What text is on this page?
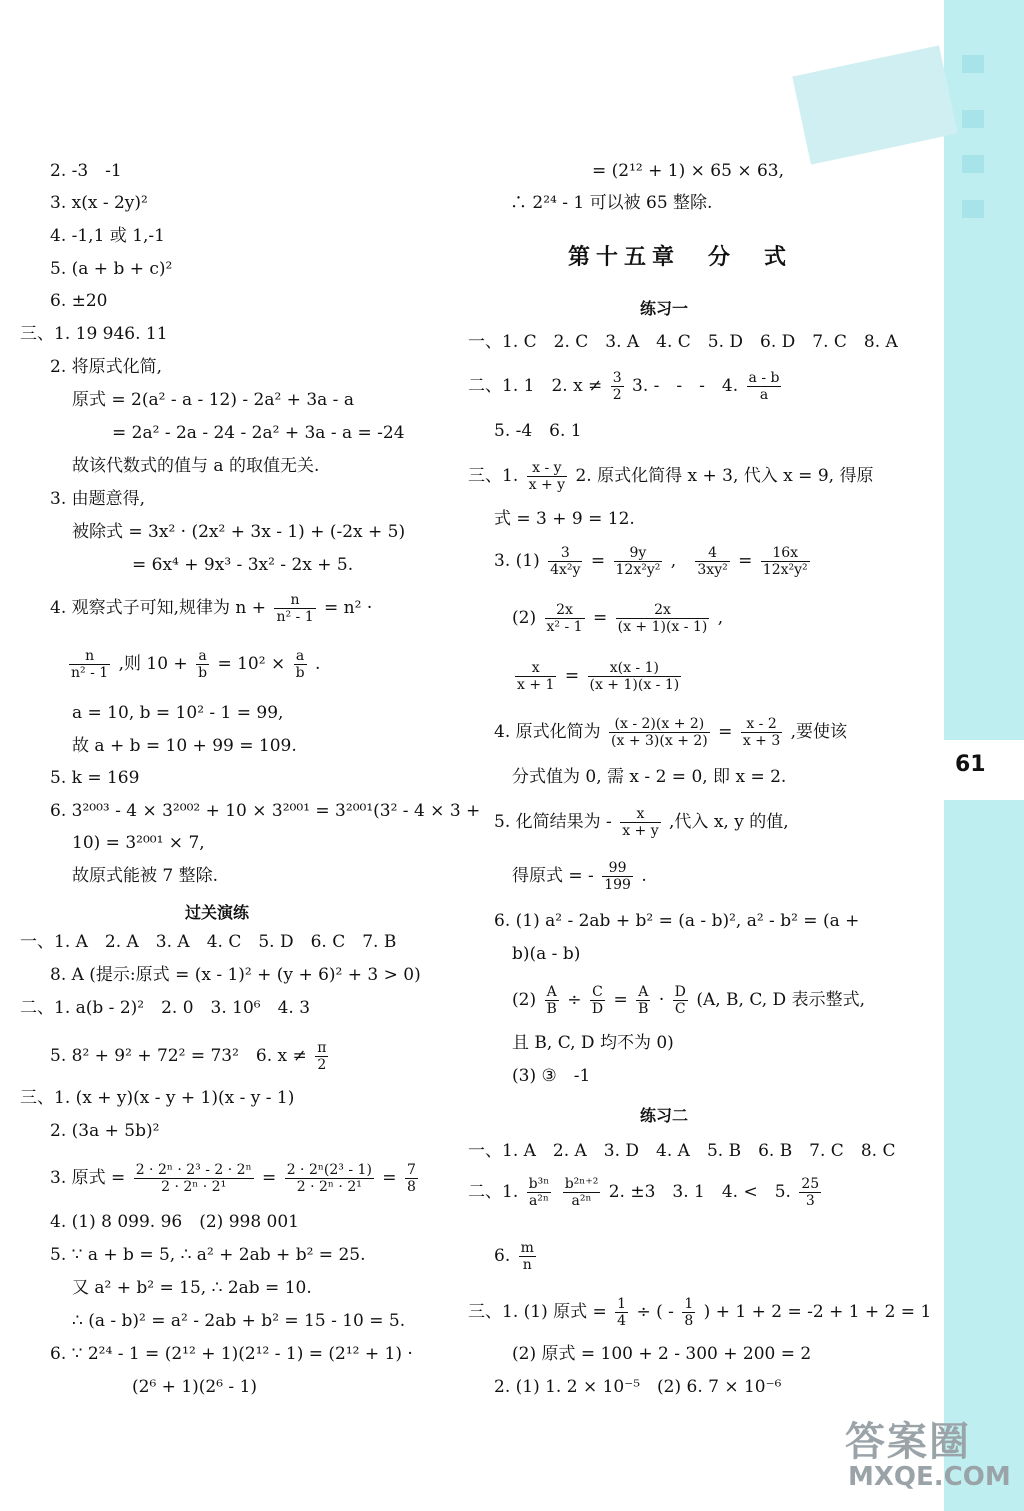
61
2. -3　-1
3. x(x - 2y)²
4. -1,1 或 1,-1
5. (a + b + c)²
6. ±20
三、1. 19 946. 11
2. 将原式化简,
原式 = 2(a² - a - 12) - 2a² + 3a - a
= 2a² - 2a - 24 - 2a² + 3a - a = -24
故该代数式的值与 a 的取值无关.
3. 由题意得,
被除式 = 3x² · (2x² + 3x - 1) + (-2x + 5)
= 6x⁴ + 9x³ - 3x² - 2x + 5.
4. 观察式子可知,规律为 $n + \frac{n}{\text{n² - 1}} = n^2$ ·
$\frac{n}{\text{n² - 1}}$ ,则 $10 + \frac{a}{b} = 10^2 \times \frac{a}{b}$ .
a = 10, b = 10² - 1 = 99,
故 a + b = 10 + 99 = 109.
5. k = 169
6. 3²⁰⁰³ - 4 × 3²⁰⁰² + 10 × 3²⁰⁰¹ = 3²⁰⁰¹(3² - 4 × 3 +
10) = 3²⁰⁰¹ × 7,
故原式能被 7 整除.
过关演练
一、1. A　2. A　3. A　4. C　5. D　6. C　7. B
8. A (提示:原式 = (x - 1)² + (y + 6)² + 3 > 0)
二、1. a(b - 2)²　2. 0　3. 10⁶　4. 3
5. 8² + 9² + 72² = 73²　6. $x \ne \frac{\pi}{2}$
三、1. (x + y)(x - y + 1)(x - y - 1)
2. (3a + 5b)²
3. 原式 = $\frac{\text{2 · 2ⁿ · 2³ - 2 · 2ⁿ}}{\text{2 · 2ⁿ · 2¹}} = \frac{\text{2 · 2ⁿ(2³ - 1)}}{\text{2 · 2ⁿ · 2¹}} = \frac{7}{8}$
4. (1) 8 099. 96　(2) 998 001
5. ∵ a + b = 5, ∴ a² + 2ab + b² = 25.
又 a² + b² = 15, ∴ 2ab = 10.
∴ (a - b)² = a² - 2ab + b² = 15 - 10 = 5.
6. ∵ 2²⁴ - 1 = (2¹² + 1)(2¹² - 1) = (2¹² + 1) ·
(2⁶ + 1)(2⁶ - 1)
= (2¹² + 1) × 65 × 63,
∴ 2²⁴ - 1 可以被 65 整除.
第十五章　分　式
练习一
一、1. C　2. C　3. A　4. C　5. D　6. D　7. C　8. A
二、1. 1　2. $x \ne \frac{3}{2} 3$. -　-　-　4. $\frac{a - b}{a}$
5. -4　6. 1
三、1. $\frac{x - y}{x + y} 2$. 原式化简得 x + 3, 代入 x = 9, 得原
式 = 3 + 9 = 12.
3. $(1) \frac{3}{\text{4x²y}} = \frac{9y}{\text{12x²y²}}$ , $\frac{4}{\text{3xy²}} = \frac{16x}{\text{12x²y²}}$
$(2) \frac{2x}{\text{x² - 1}} = \frac{2x}{(x + 1)(x - 1)}$ ,
$\frac{x}{x + 1} = \frac{x(x - 1)}{(x + 1)(x - 1)}$
4. 原式化简为 $\frac{(x - 2)(x + 2)}{(x + 3)(x + 2)} = \frac{x - 2}{x + 3}$ ,要使该
分式值为 0, 需 x - 2 = 0, 即 x = 2.
5. 化简结果为 - $\frac{x}{x + y}$ ,代入 x, y 的值,
得原式 = - $\frac{99}{199}$ .
6. (1) a² - 2ab + b² = (a - b)², a² - b² = (a +
b)(a - b)
$(2) \frac{A}{B} \div \frac{C}{D} = \frac{A}{B} \cdot \frac{D}{C} (A$, B, C, D 表示整式,
且 B, C, D 均不为 0)
(3) ③　-1
练习二
一、1. A　2. A　3. D　4. A　5. B　6. B　7. C　8. C
二、1. $\frac{\text{b³ⁿ}}{\text{a²ⁿ}}$
$\frac{\text{b²ⁿ⁺²}}{\text{a²ⁿ}} 2$. ±3　3. 1　4. <　5. $\frac{25}{3}$
6. $\frac{m}{n}$
三、1. (1) 原式 = $\frac{1}{4}$ ÷ ( - $\frac{1}{8}$ ) + 1 + 2 = -2 + 1 + 2 = 1
(2) 原式 = 100 + 2 - 300 + 200 = 2
2. (1) 1. 2 × 10⁻⁵　(2) 6. 7 × 10⁻⁶
答案圈
MXQE.COM
